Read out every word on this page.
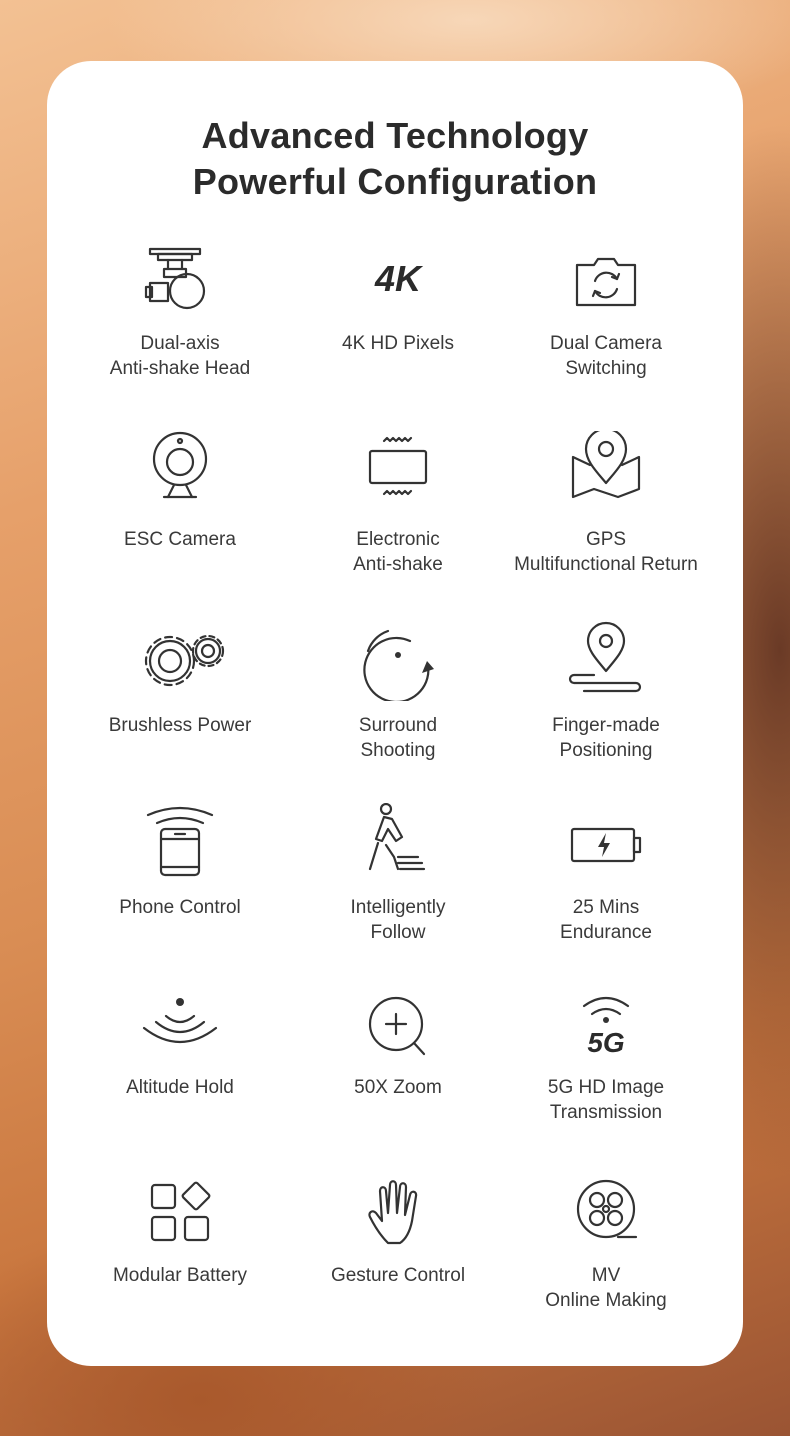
Advanced Technology
Powerful Configuration
Dual-axis
Anti-shake Head
4K
4K HD Pixels	Dual Camera
Switching
ESC Camera	Electronic
Anti-shake
GPS
Multifunctional Return
Brushless Power	Surround
Shooting
Finger-made
Positioning
Phone Control	Intelligently
Follow
25 Mins
Endurance
Altitude Hold	50X Zoom
5G
5G HD Image
Transmission
Modular Battery	Gesture Control	MV
Online Making
